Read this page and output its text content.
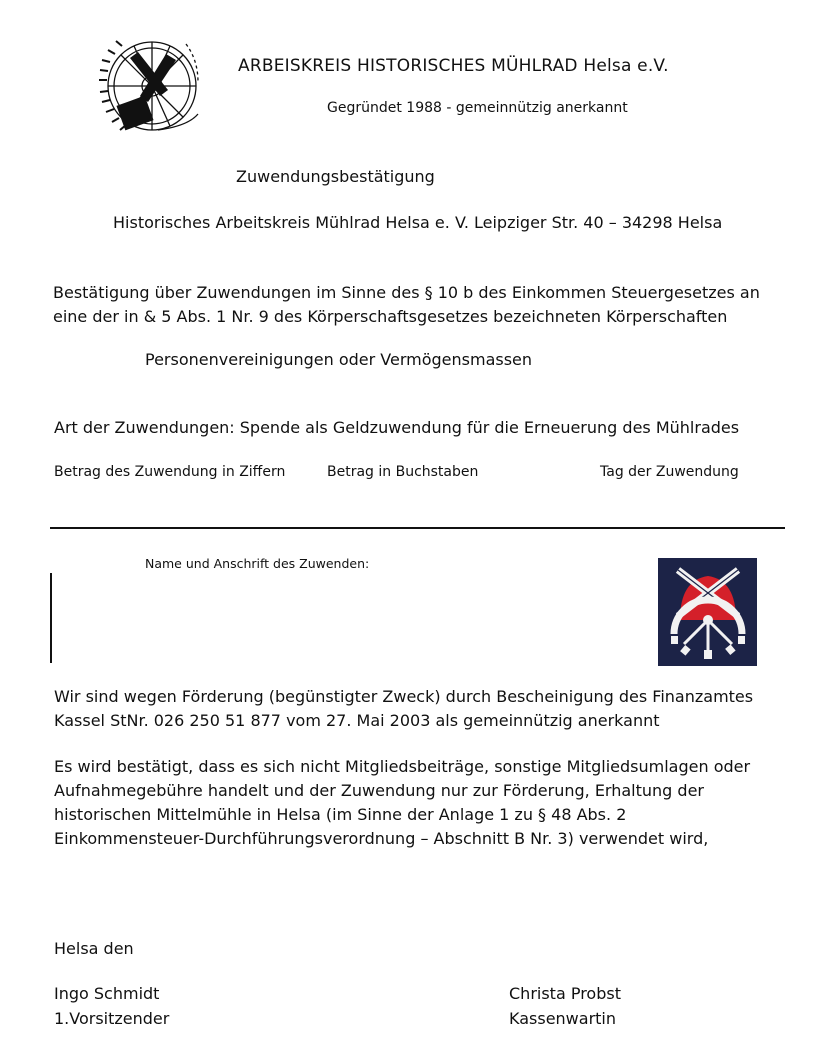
ARBEISKREIS HISTORISCHES MÜHLRAD Helsa e.V.
Gegründet 1988 - gemeinnützig anerkannt
Zuwendungsbestätigung
Historisches Arbeitskreis Mühlrad Helsa e. V. Leipziger Str. 40 – 34298 Helsa
Bestätigung über Zuwendungen im Sinne des § 10 b des Einkommen Steuergesetzes an
eine der in & 5 Abs. 1 Nr. 9 des Körperschaftsgesetzes bezeichneten Körperschaften
Personenvereinigungen oder Vermögensmassen
Art der Zuwendungen: Spende als Geldzuwendung für die Erneuerung des Mühlrades
Betrag des Zuwendung in Ziffern	Betrag in Buchstaben	Tag der Zuwendung
Name und Anschrift des Zuwenden:
Wir sind wegen Förderung (begünstigter Zweck) durch Bescheinigung des Finanzamtes
Kassel StNr. 026 250 51 877 vom 27. Mai 2003 als gemeinnützig anerkannt
Es wird bestätigt, dass es sich nicht Mitgliedsbeiträge, sonstige Mitgliedsumlagen oder
Aufnahmegebühre handelt und der Zuwendung nur zur Förderung, Erhaltung der
historischen Mittelmühle in Helsa (im Sinne der Anlage 1 zu § 48 Abs. 2
Einkommensteuer-Durchführungsverordnung – Abschnitt B Nr. 3) verwendet wird,
Helsa den
Ingo Schmidt
1.Vorsitzender
Christa Probst
Kassenwartin
